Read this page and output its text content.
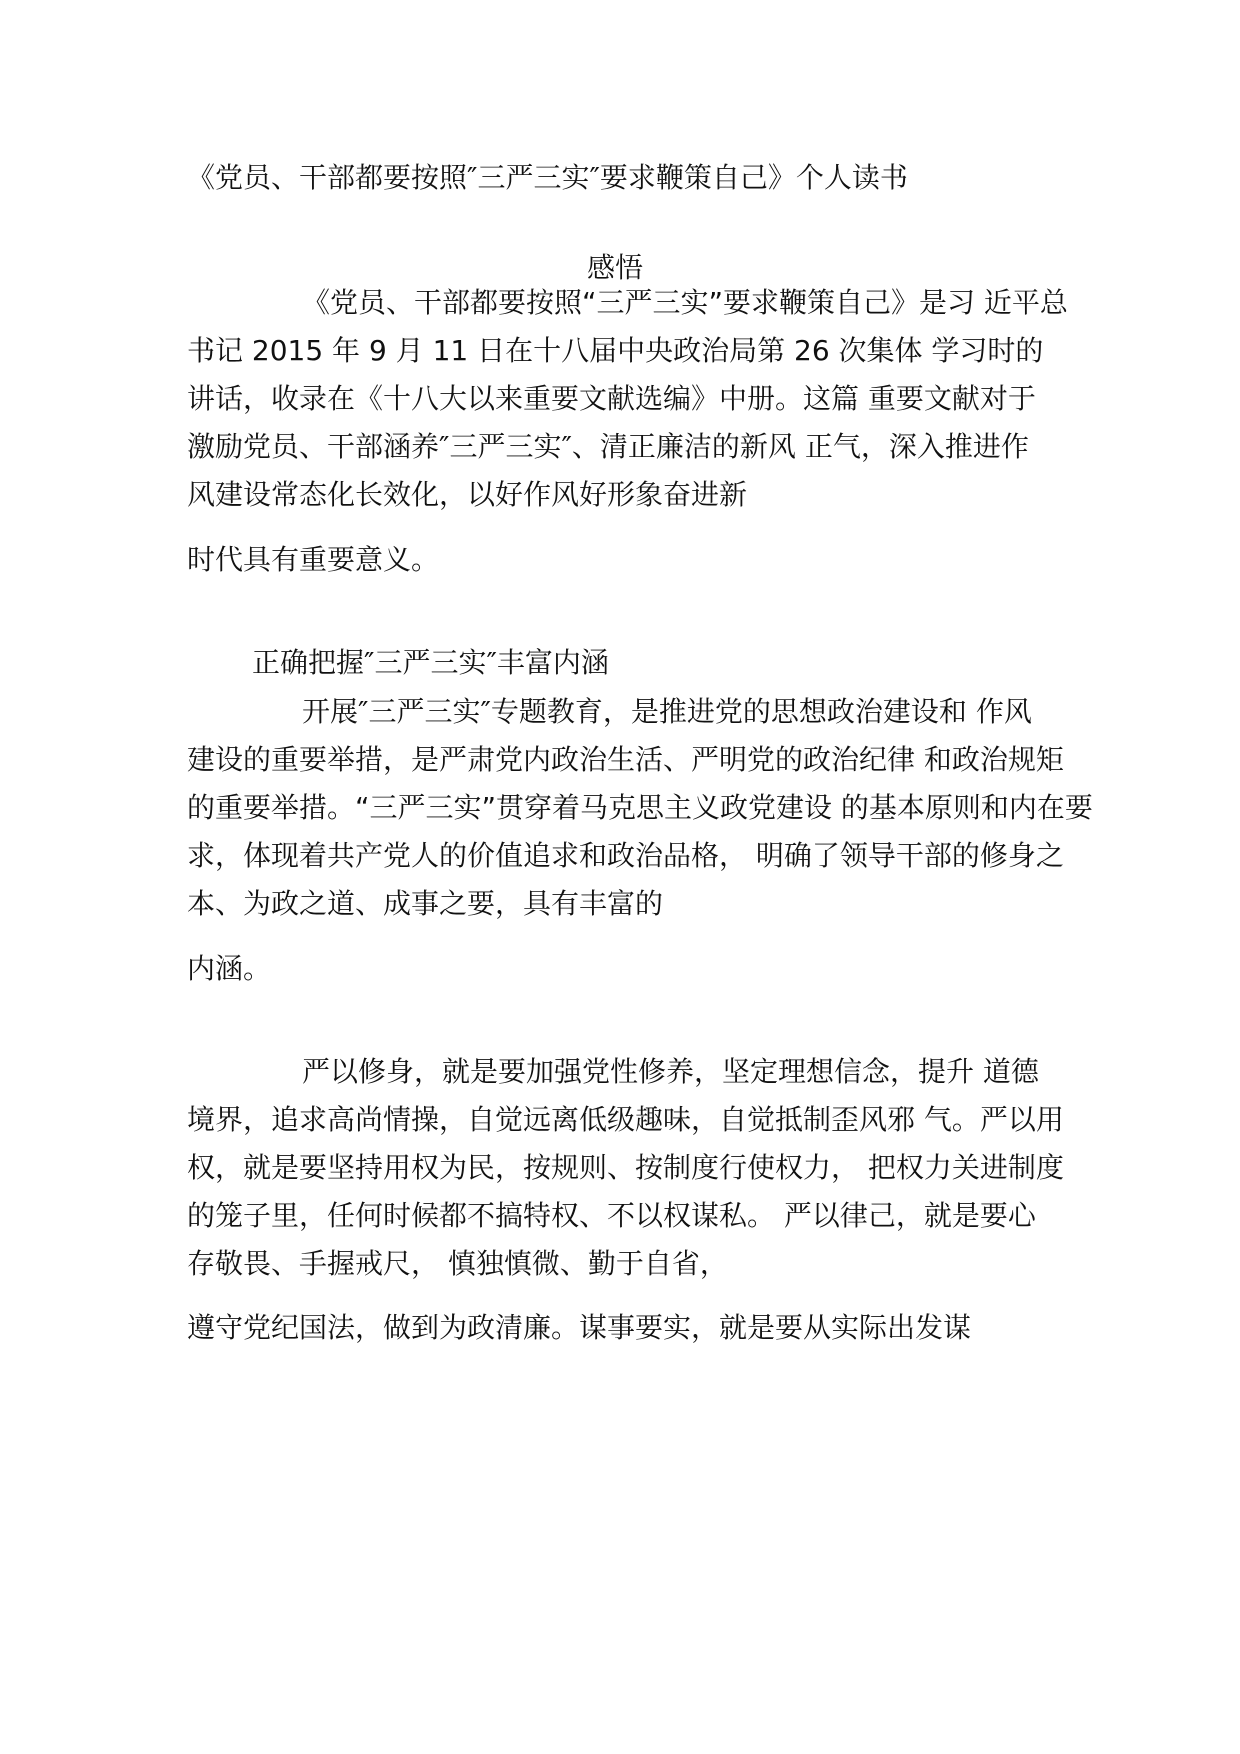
《党员、干部都要按照″三严三实″要求鞭策自己》个人读书
感悟
《党员、干部都要按照“三严三实”要求鞭策自己》是习 近平总
书记 2015 年 9 月 11 日在十八届中央政治局第 26 次集体 学习时的
讲话，收录在《十八大以来重要文献选编》中册。这篇 重要文献对于
激励党员、干部涵养″三严三实″、清正廉洁的新风 正气，深入推进作
风建设常态化长效化，以好作风好形象奋进新
时代具有重要意义。
正确把握″三严三实″丰富内涵
开展″三严三实″专题教育，是推进党的思想政治建设和 作风
建设的重要举措，是严肃党内政治生活、严明党的政治纪律 和政治规矩
的重要举措。“三严三实”贯穿着马克思主义政党建设 的基本原则和内在要
求，体现着共产党人的价值追求和政治品格， 明确了领导干部的修身之
本、为政之道、成事之要，具有丰富的
内涵。
严以修身，就是要加强党性修养，坚定理想信念，提升 道德
境界，追求高尚情操，自觉远离低级趣味，自觉抵制歪风邪 气。严以用
权，就是要坚持用权为民，按规则、按制度行使权力， 把权力关进制度
的笼子里，任何时候都不搞特权、不以权谋私。 严以律己，就是要心
存敬畏、手握戒尺， 慎独慎微、勤于自省，
遵守党纪国法，做到为政清廉。谋事要实，就是要从实际出发谋
